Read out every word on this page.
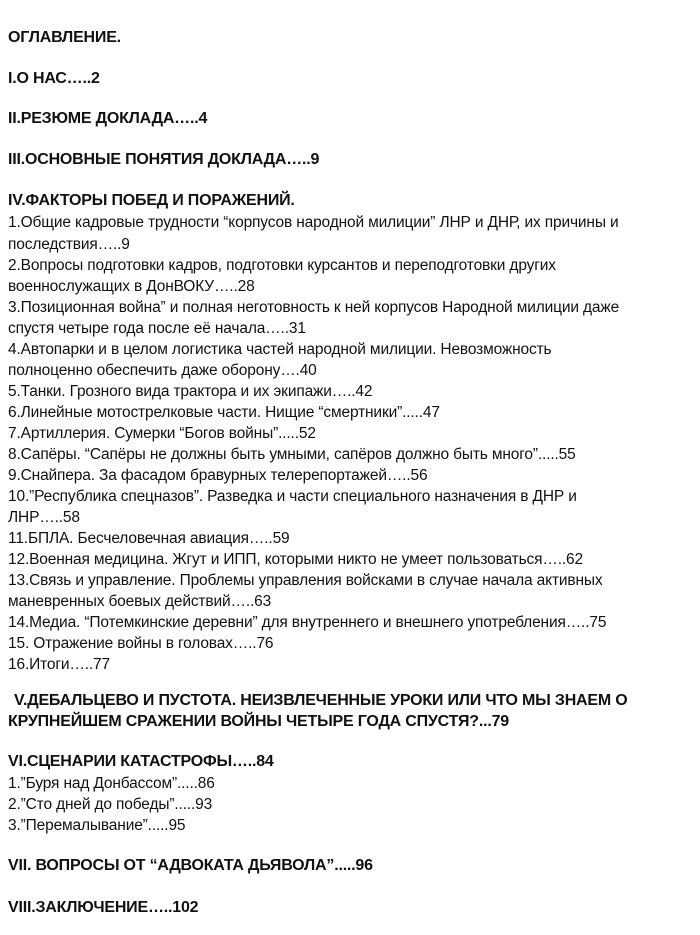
ОГЛАВЛЕНИЕ.
I.О НАС…..2
II.РЕЗЮМЕ ДОКЛАДА…..4
III.ОСНОВНЫЕ ПОНЯТИЯ ДОКЛАДА…..9
IV.ФАКТОРЫ ПОБЕД И ПОРАЖЕНИЙ.
1.Общие кадровые трудности “корпусов народной милиции” ЛНР и ДНР, их причины и
последствия…..9
2.Вопросы подготовки кадров, подготовки курсантов и переподготовки других
военнослужащих в ДонВОКУ…..28
3.Позиционная война” и полная неготовность к ней корпусов Народной милиции даже
спустя четыре года после её начала…..31
4.Автопарки и в целом логистика частей народной милиции. Невозможность
полноценно обеспечить даже оборону….40
5.Танки. Грозного вида трактора и их экипажи…..42
6.Линейные мотострелковые части. Нищие “смертники”.....47
7.Артиллерия. Сумерки “Богов войны”.....52
8.Сапёры. “Сапёры не должны быть умными, сапёров должно быть много”.....55
9.Снайпера. За фасадом бравурных телерепортажей…..56
10.”Республика спецназов”. Разведка и части специального назначения в ДНР и
ЛНР…..58
11.БПЛА. Бесчеловечная авиация…..59
12.Военная медицина. Жгут и ИПП, которыми никто не умеет пользоваться…..62
13.Связь и управление. Проблемы управления войсками в случае начала активных
маневренных боевых действий…..63
14.Медиа. “Потемкинские деревни” для внутреннего и внешнего употребления…..75
15. Отражение войны в головах…..76
16.Итоги…..77
V.ДЕБАЛЬЦЕВО И ПУСТОТА. НЕИЗВЛЕЧЕННЫЕ УРОКИ ИЛИ ЧТО МЫ ЗНАЕМ О
КРУПНЕЙШЕМ СРАЖЕНИИ ВОЙНЫ ЧЕТЫРЕ ГОДА СПУСТЯ?...79
VI.СЦЕНАРИИ КАТАСТРОФЫ…..84
1.”Буря над Донбассом”.....86
2.”Сто дней до победы”.....93
3.”Перемалывание”.....95
VII. ВОПРОСЫ ОТ “АДВОКАТА ДЬЯВОЛА”.....96
VIII.ЗАКЛЮЧЕНИЕ…..102
